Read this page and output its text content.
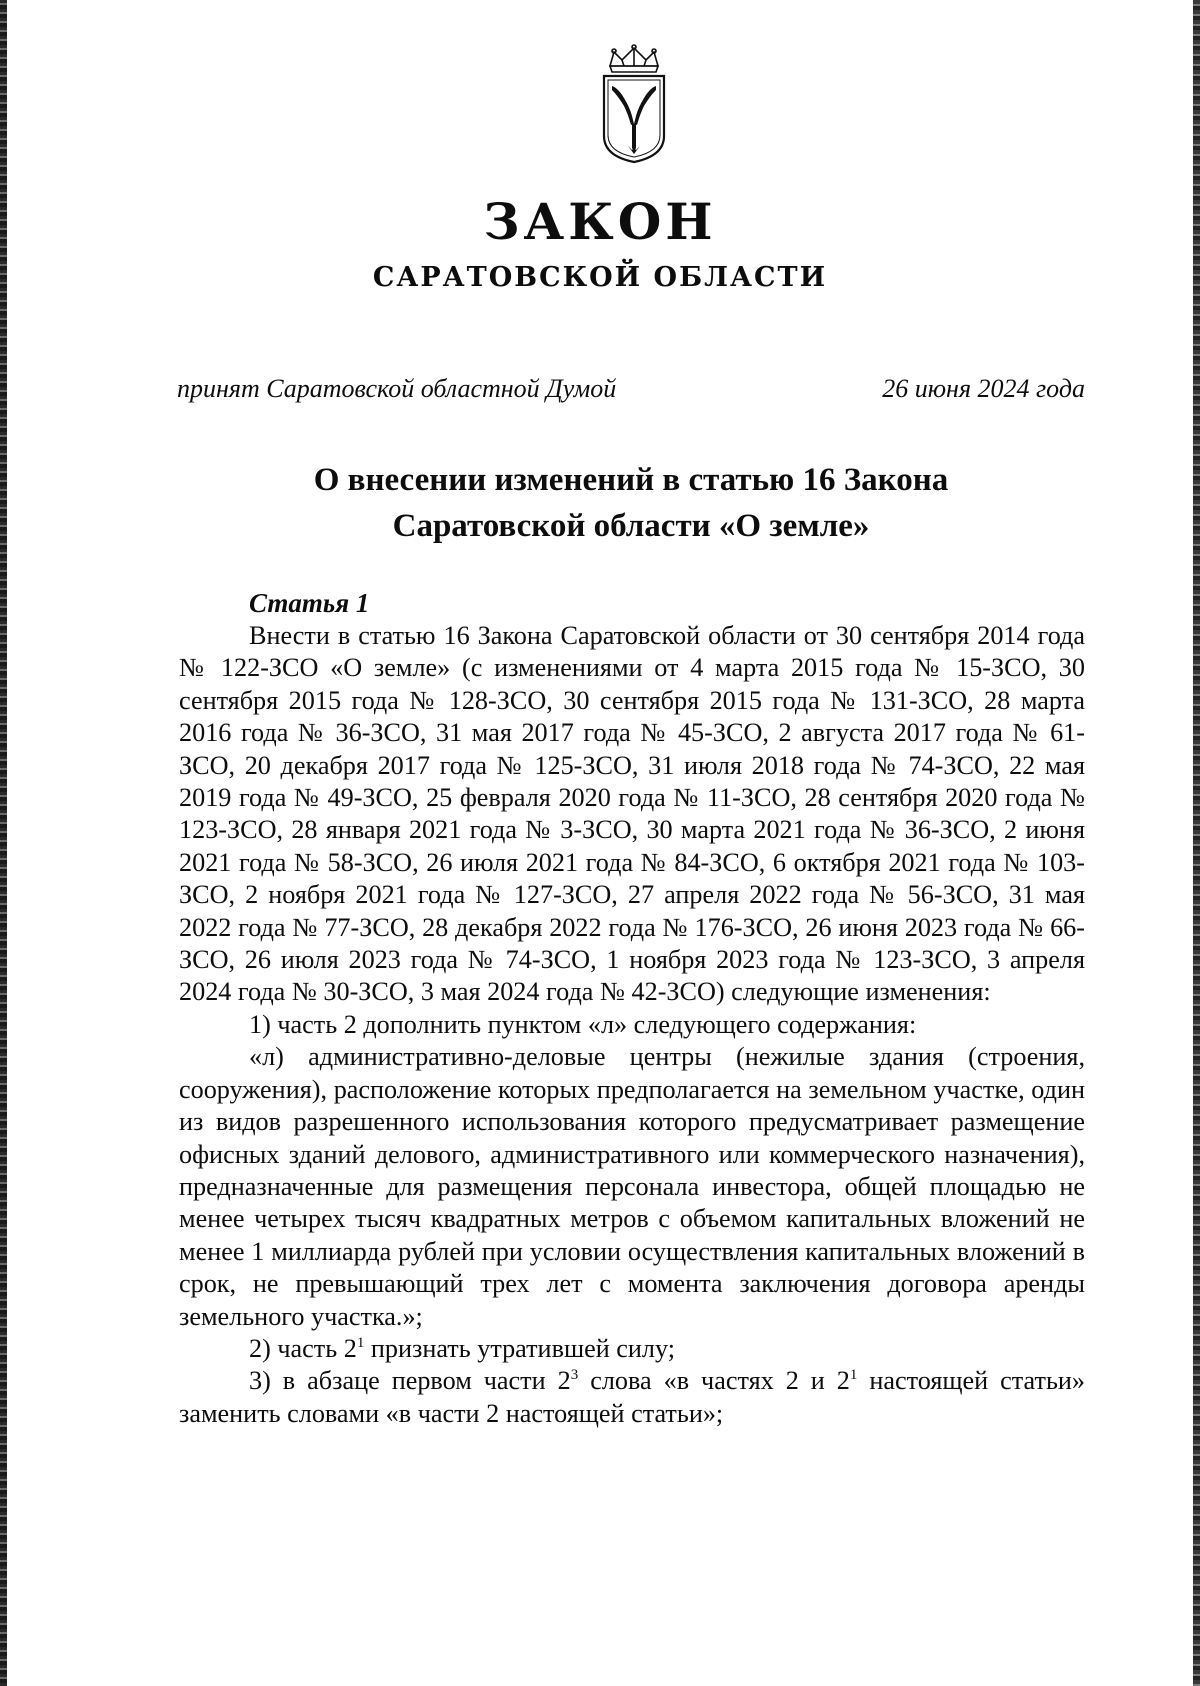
ЗАКОН
САРАТОВСКОЙ ОБЛАСТИ
принят Саратовской областной Думой	26 июня 2024 года
О внесении изменений в статью 16 Закона
Саратовской области «О земле»
Статья 1

Внести в статью 16 Закона Саратовской области от 30 сентября 2014 года № 122-ЗСО «О земле» (с изменениями от 4 марта 2015 года № 15-ЗСО, 30 сентября 2015 года № 128-ЗСО, 30 сентября 2015 года № 131-ЗСО, 28 марта 2016 года № 36-ЗСО, 31 мая 2017 года № 45-ЗСО, 2 августа 2017 года № 61-ЗСО, 20 декабря 2017 года № 125-ЗСО, 31 июля 2018 года № 74-ЗСО, 22 мая 2019 года № 49-ЗСО, 25 февраля 2020 года № 11-ЗСО, 28 сентября 2020 года № 123-ЗСО, 28 января 2021 года № 3-ЗСО, 30 марта 2021 года № 36-ЗСО, 2 июня 2021 года № 58-ЗСО, 26 июля 2021 года № 84-ЗСО, 6 октября 2021 года № 103-ЗСО, 2 ноября 2021 года № 127-ЗСО, 27 апреля 2022 года № 56-ЗСО, 31 мая 2022 года № 77-ЗСО, 28 декабря 2022 года № 176-ЗСО, 26 июня 2023 года № 66-ЗСО, 26 июля 2023 года № 74-ЗСО, 1 ноября 2023 года № 123-ЗСО, 3 апреля 2024 года № 30-ЗСО, 3 мая 2024 года № 42-ЗСО) следующие изменения:

1) часть 2 дополнить пунктом «л» следующего содержания:

«л) административно-деловые центры (нежилые здания (строения, сооружения), расположение которых предполагается на земельном участке, один из видов разрешенного использования которого предусматривает размещение офисных зданий делового, административного или коммерческого назначения), предназначенные для размещения персонала инвестора, общей площадью не менее четырех тысяч квадратных метров с объемом капитальных вложений не менее 1 миллиарда рублей при условии осуществления капитальных вложений в срок, не превышающий трех лет с момента заключения договора аренды земельного участка.»;

2) часть $2^1$ признать утратившей силу;

3) в абзаце первом части $2^3$ слова «в частях 2 и $2^1$ настоящей статьи» заменить словами «в части 2 настоящей статьи»;
